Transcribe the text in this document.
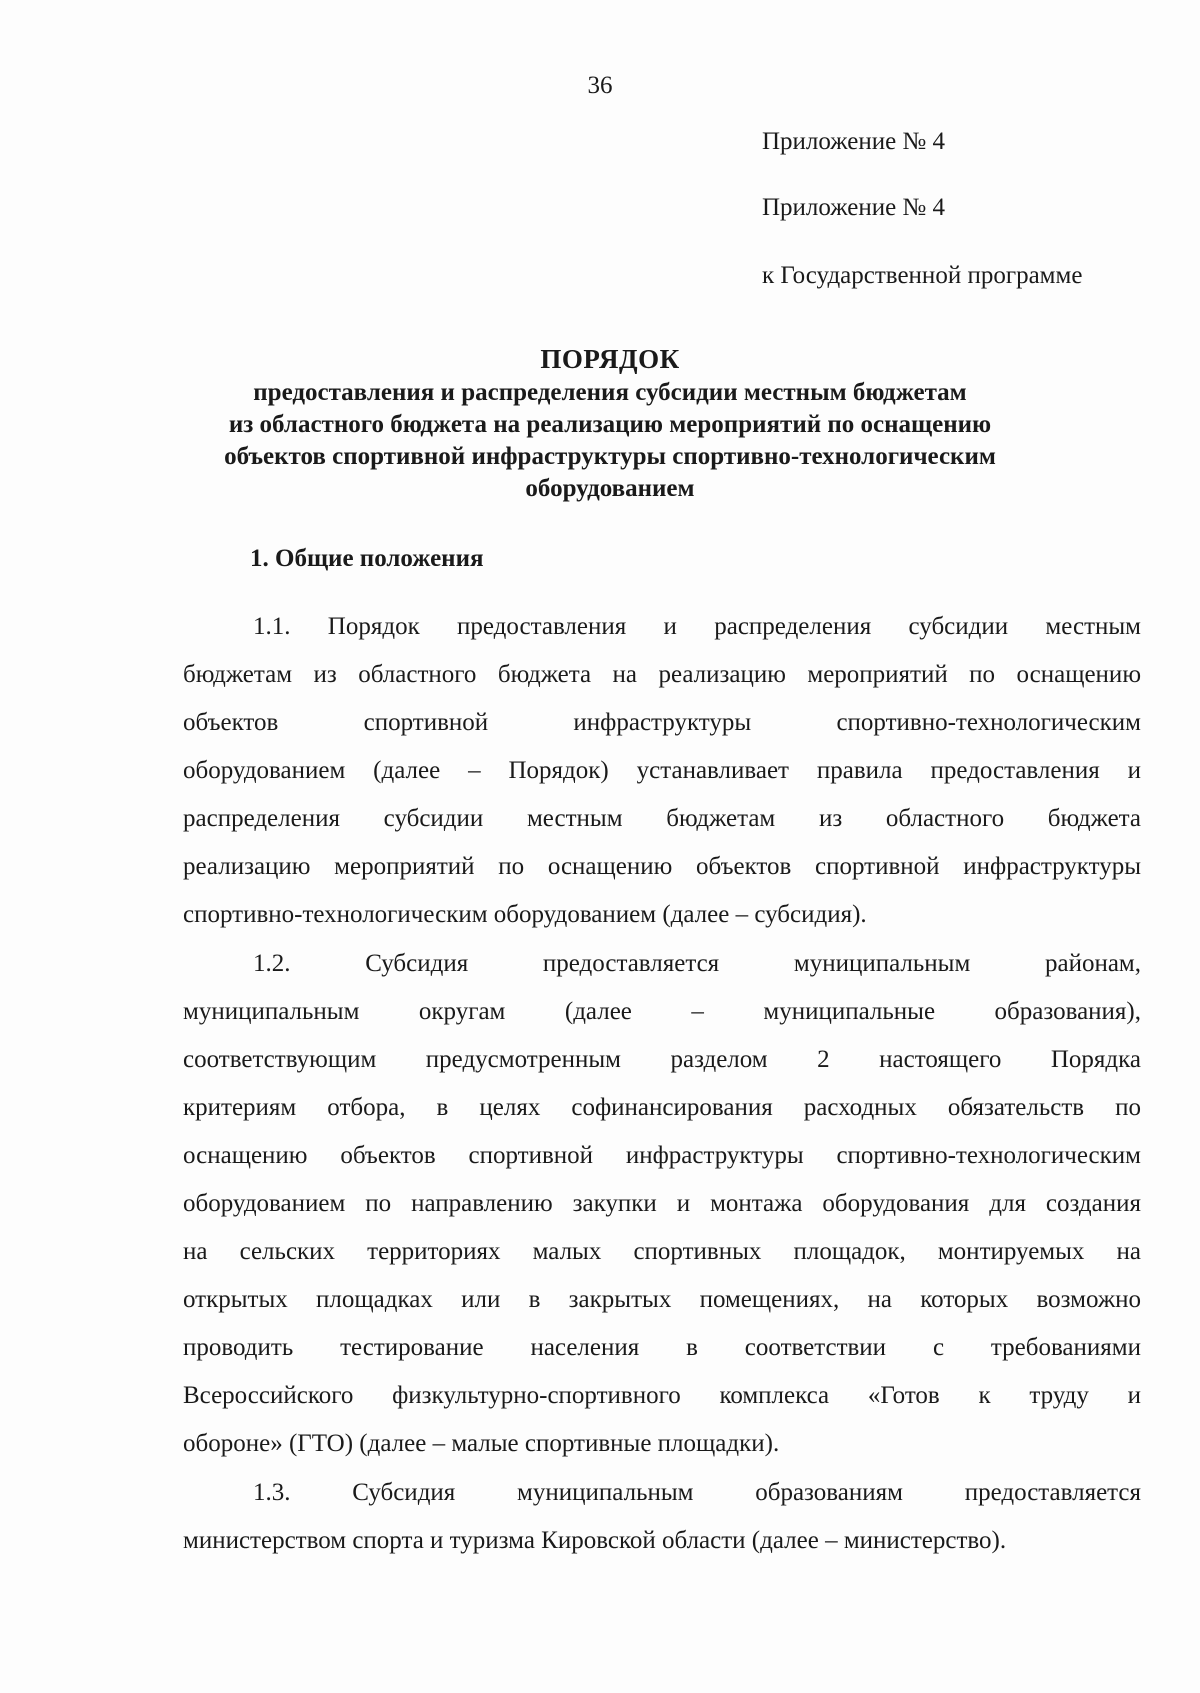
36
Приложение № 4
Приложение № 4
к Государственной программе
ПОРЯДОК
предоставления и распределения субсидии местным бюджетам
из областного бюджета на реализацию мероприятий по оснащению
объектов спортивной инфраструктуры спортивно-технологическим
оборудованием
1. Общие положения
1.1. Порядок предоставления и распределения субсидии местным
бюджетам из областного бюджета на реализацию мероприятий по оснащению
объектов спортивной инфраструктуры спортивно-технологическим
оборудованием (далее – Порядок) устанавливает правила предоставления и
распределения субсидии местным бюджетам из областного бюджета
реализацию мероприятий по оснащению объектов спортивной инфраструктуры
спортивно-технологическим оборудованием (далее – субсидия).
1.2. Субсидия предоставляется муниципальным районам,
муниципальным округам (далее – муниципальные образования),
соответствующим предусмотренным разделом 2 настоящего Порядка
критериям отбора, в целях софинансирования расходных обязательств по
оснащению объектов спортивной инфраструктуры спортивно-технологическим
оборудованием по направлению закупки и монтажа оборудования для создания
на сельских территориях малых спортивных площадок, монтируемых на
открытых площадках или в закрытых помещениях, на которых возможно
проводить тестирование населения в соответствии с требованиями
Всероссийского физкультурно-спортивного комплекса «Готов к труду и
обороне» (ГТО) (далее – малые спортивные площадки).
1.3. Субсидия муниципальным образованиям предоставляется
министерством спорта и туризма Кировской области (далее – министерство).
